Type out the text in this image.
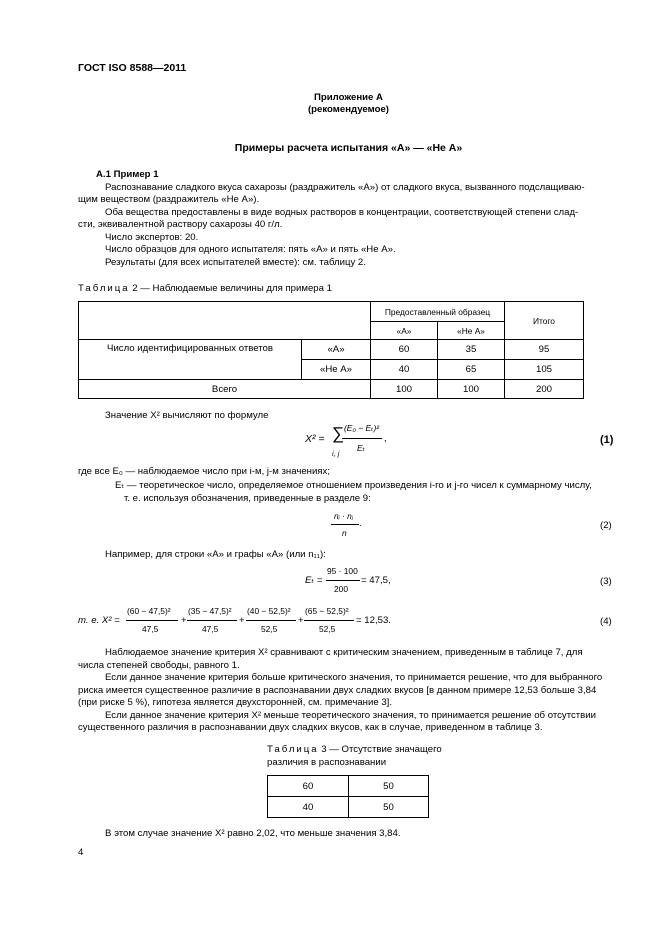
ГОСТ ISO 8588—2011
Приложение А
(рекомендуемое)
Примеры расчета испытания «А» — «Не А»
А.1 Пример 1
Распознавание сладкого вкуса сахарозы (раздражитель «А») от сладкого вкуса, вызванного подслащиваю-
щим веществом (раздражитель «Не А»).
Оба вещества предоставлены в виде водных растворов в концентрации, соответствующей степени слад-
сти, эквивалентной раствору сахарозы 40 г/л.
Число экспертов: 20.
Число образцов для одного испытателя: пять «А» и пять «Не А».
Результаты (для всех испытателей вместе): см. таблицу 2.
Таблица 2 — Наблюдаемые величины для примера 1
		Предоставленный образец		Итого
		«А»	«Не А»	
Число идентифицированных ответов	«А»	60	35	95
	«Не А»	40	65	105
Всего		100	100	200
Значение X² вычисляют по формуле
X² = ∑
i, j
(E₀ − Eₜ)²
Eₜ
,	(1)
где все E₀ — наблюдаемое число при i-м, j-м значениях;
Eₜ — теоретическое число, определяемое отношением произведения i-го и j-го чисел к суммарному числу,
т. е. используя обозначения, приведенные в разделе 9:
nᵢ · nⱼ
.
n
(2)
Например, для строки «А» и графы «А» (или n₁₁):
Eₜ =
95 · 100
200
= 47,5,	(3)
т. е. X² =
(60 − 47,5)²
47,5
+
(35 − 47,5)²
47,5
+
(40 − 52,5)²
52,5
+
(65 − 52,5)²
52,5
= 12,53.	(4)
Наблюдаемое значение критерия X² сравнивают с критическим значением, приведенным в таблице 7, для
числа степеней свободы, равного 1.
Если данное значение критерия больше критического значения, то принимается решение, что для выбранного
риска имеется существенное различие в распознавании двух сладких вкусов [в данном примере 12,53 больше 3,84
(при риске 5 %), гипотеза является двухсторонней, см. примечание 3].
Если данное значение критерия X² меньше теоретического значения, то принимается решение об отсутствии
существенного различия в распознавании двух сладких вкусов, как в случае, приведенном в таблице 3.
Таблица 3 — Отсутствие значащего
различия в распознавании
60	50
40	50
В этом случае значение X² равно 2,02, что меньше значения 3,84.
4
